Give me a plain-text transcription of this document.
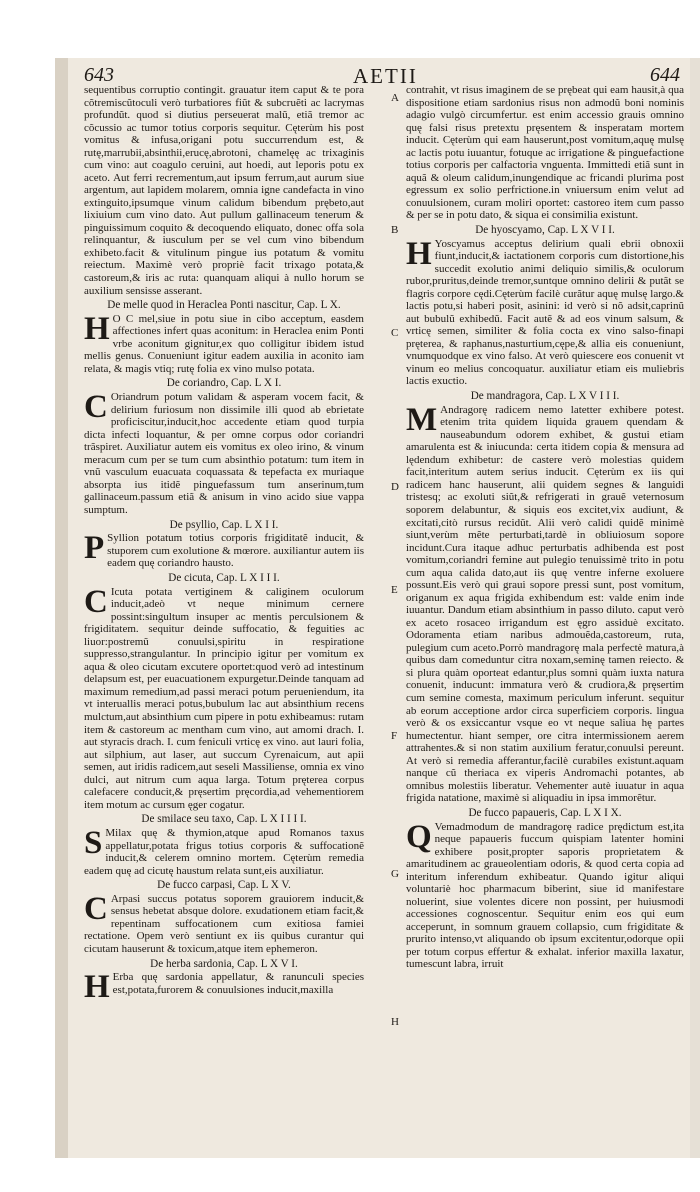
643	AETII	644

sequentibus corruptio contingit. grauatur item caput & te pora cõtremiscũtoculi verò turbatiores fiũt & subcruẽti ac lacrymas profundũt. quod si diutius perseuerat malũ, etiã tremor ac cõcussio ac tumor totius corporis sequitur. Cęterùm his post vomitus & infusa,origani potu succurrendum est, & rutę,marrubii,absinthii,erucę,abrotoni, chamelęę ac trixaginis cum vino: aut coagulo ceruini, aut hoedi, aut leporis potu ex aceto. Aut ferri recrementum,aut ipsum ferrum,aut aurum siue argentum, aut lapidem molarem, omnia igne candefacta in vino extinguito,ipsumque vinum calidum bibendum prębeto,aut lixiuium cum vino dato. Aut pullum gallinaceum tenerum & pinguissimum coquito & decoquendo eliquato, donec offa sola relinquantur, & iusculum per se vel cum vino bibendum exhibeto.facit & vitulinum pingue ius potatum & vomitu reiectum. Maximè verò propriè facit trixago potata,& castoreum,& iris ac ruta: quanquam aliqui à nullo horum se auxilium sensisse asserant.

De melle quod in Heraclea Ponti nascitur, Cap. L X.

H O C mel,siue in potu siue in cibo acceptum, easdem affectiones infert quas aconitum: in Heraclea enim Ponti vrbe aconitum gignitur,ex quo colligitur ibidem istud mellis genus. Conueniunt igitur eadem auxilia in aconito iam relata, & magis vtiq; rutę folia ex vino mulso potata.

De coriandro, Cap. L X I.

C Oriandrum potum validam & asperam vocem facit, & delirium furiosum non dissimile illi quod ab ebrietate proficiscitur,inducit,hoc accedente etiam quod turpia dicta infecti loquantur, & per omne corpus odor coriandri trãspiret. Auxiliatur autem eis vomitus ex oleo irino, & vinum meracum cum per se tum cum absinthio potatum: tum item in vnũ vasculum euacuata coquassata & tepefacta ex muriaque absorpta ius itidẽ pinguefassum tum anserinum,tum gallinaceum.passum etiã & anisum in vino acido siue vappa sumptum.

De psyllio, Cap. L X I I.

P Syllion potatum totius corporis frigiditatẽ inducit, & stuporem cum exolutione & mœrore. auxiliantur autem iis eadem quę coriandro hausto.

De cicuta, Cap. L X I I I.

C Icuta potata vertiginem & caliginem oculorum inducit,adeò vt neque minimum cernere possint:singultum insuper ac mentis perculsionem & frigiditatem. sequitur deinde suffocatio, & feguities ac liuor:postremũ conuulsi,spiritu in respiratione suppresso,strangulantur. In principio igitur per vomitum ex aqua & oleo cicutam excutere oportet:quod verò ad intestinum delapsum est, per euacuationem expurgetur.Deinde tanquam ad maximum remedium,ad passi meraci potum perueniendum, ita vt interuallis meraci potus,bubulum lac aut absinthium recens mulctum,aut absinthium cum pipere in potu exhibeamus: rutam item & castoreum ac mentham cum vino, aut amomi drach. I. aut styracis drach. I. cum feniculi vrticę ex vino. aut lauri folia, aut silphium, aut laser, aut succum Cyrenaicum, aut apii semen, aut iridis radicem,aut seseli Massiliense, omnia ex vino dulci, aut nitrum cum aqua larga. Totum pręterea corpus calefacere conducit,& pręsertim pręcordia,ad vehementiorem item motum ac cursum ęger cogatur.

De smilace seu taxo, Cap. L X I I I I.

S Milax quę & thymion,atque apud Romanos taxus appellatur,potata frigus totius corporis & suffocationẽ inducit,& celerem omnino mortem. Cęterùm remedia eadem quę ad cicutę haustum relata sunt,eis auxiliatur.

De fucco carpasi, Cap. L X V.

C Arpasi succus potatus soporem grauiorem inducit,& sensus hebetat absque dolore. exudationem etiam facit,& repentinam suffocationem cum exitiosa famiei rectatione. Opem verò sentiunt ex iis quibus curantur qui cicutam hauserunt & toxicum,atque item ephemeron.

De herba sardonia, Cap. L X V I.

H Erba quę sardonia appellatur, & ranunculi species est,potata,furorem & conuulsiones inducit,maxilla

A
B
C
D
E
F
G
H

contrahit, vt risus imaginem de se prębeat qui eam hausit,à qua dispositione etiam sardonius risus non admodũ boni nominis adagio vulgò circumfertur. est enim accessio grauis omnino quę falsi risus pretextu pręsentem & insperatam mortem inducit. Cęterùm qui eam hauserunt,post vomitum,aquę mulsę ac lactis potu iuuantur, fotuque ac irrigatione & pinguefactione totius corporis per calfactoria vnguenta. Immittedi etiã sunt in aquã & oleum calidum,inungendique ac fricandi plurima post egressum ex solio perfrictione.in vniuersum enim velut ad conuulsionem, curam moliri oportet: castoreo item cum passo & per se in potu dato, & siqua ei consimilia existunt.

De hyoscyamo, Cap. L X V I I.

H Yoscyamus acceptus delirium quali ebrii obnoxii fiunt,inducit,& iactationem corporis cum distortione,his succedit exolutio animi deliquio similis,& oculorum rubor,pruritus,deinde tremor,suntque omnino delirii & putãt se flagris corpore cędi.Cęterùm facilè curãtur aquę mulsę largo.& lactis potu,si haberi posit, asinini: id verò si nõ adsit,caprinũ aut bubulũ exhibedũ. Facit autẽ & ad eos vinum salsum, & vrticę semen, similiter & folia cocta ex vino salso-finapi pręterea, & raphanus,nasturtium,cępe,& allia eis conueniunt, vnumquodque ex vino falso. At verò quiescere eos conuenit vt vinum eo melius concoquatur. auxiliatur etiam eis muliebris lactis exuctio.

De mandragora, Cap. L X V I I I.

M Andragorę radicem nemo latetter exhibere potest. etenim trita quidem liquida grauem quendam & nauseabundum odorem exhibet, & gustui etiam amarulenta est & iniucunda: certa itidem copia & mensura ad lędendum exhibetur: de castere verò molestias quidem facit,interitum autem serius inducit. Cęterùm ex iis qui radicem hanc hauserunt, alii quidem segnes & languidi tristesq; ac exoluti siũt,& refrigerati in grauẽ veternosum soporem delabuntur, & siquis eos excitet,vix audiunt, & excitati,citò rursus recidũt. Alii verò calidi quidẽ minimè siunt,verùm mẽte perturbati,tardè in obliuiosum sopore incidunt.Cura itaque adhuc perturbatis adhibenda est post vomitum,coriandri femine aut pulegio tenuissimè trito in potu cum aqua calida dato,aut iis quę ventre inferne exoluere possunt.Eis verò qui graui sopore pressi sunt, post vomitum, origanum ex aqua frigida exhibendum est: valde enim inde iuuantur. Dandum etiam absinthium in passo diluto. caput verò ex aceto rosaceo irrigandum est ęgro assiduè excitato. Odoramenta etiam naribus admouẽda,castoreum, ruta, pulegium cum aceto.Porrò mandragorę mala perfectè matura,à quibus dam comeduntur citra noxam,seminę tamen reiecto. & si plura quàm oporteat edantur,plus somni quàm iuxta natura conuenit, inducunt: immatura verò & crudiora,& pręsertim cum semine comesta, maximum periculum inferunt. sequitur ab eorum acceptione ardor circa superficiem corporis. lingua verò & os exsiccantur vsque eo vt neque saliua hę partes humectentur. hiant semper, ore citra intermissionem aerem attrahentes.& si non statim auxilium feratur,conuulsi pereunt. At verò si remedia afferantur,facilè curabiles existunt.aquam nanque cũ theriaca ex viperis Andromachi potantes, ab omnibus molestiis liberatur. Vehementer autè iuuatur in aqua frigida natatione, maximè si aliquadiu in ipsa immorẽtur.

De fucco papaueris, Cap. L X I X.

Q Vemadmodum de mandragorę radice prędictum est,ita neque papaueris fuccum quispiam latenter homini exhibere posit,propter saporis proprietatem & amaritudinem ac graueolentiam odoris, & quod certa copia ad interitum inferendum exhibeatur. Quando igitur aliqui voluntariè hoc pharmacum biberint, siue id manifestare noluerint, siue volentes dicere non possint, per huiusmodi accessiones cognoscentur. Sequitur enim eos qui eum acceperunt, in somnum grauem collapsio, cum frigiditate & prurito intenso,vt aliquando ob ipsum excitentur,odorque opii per totum corpus effertur & exhalat. inferior maxilla laxatur, tumescunt labra, irruit
